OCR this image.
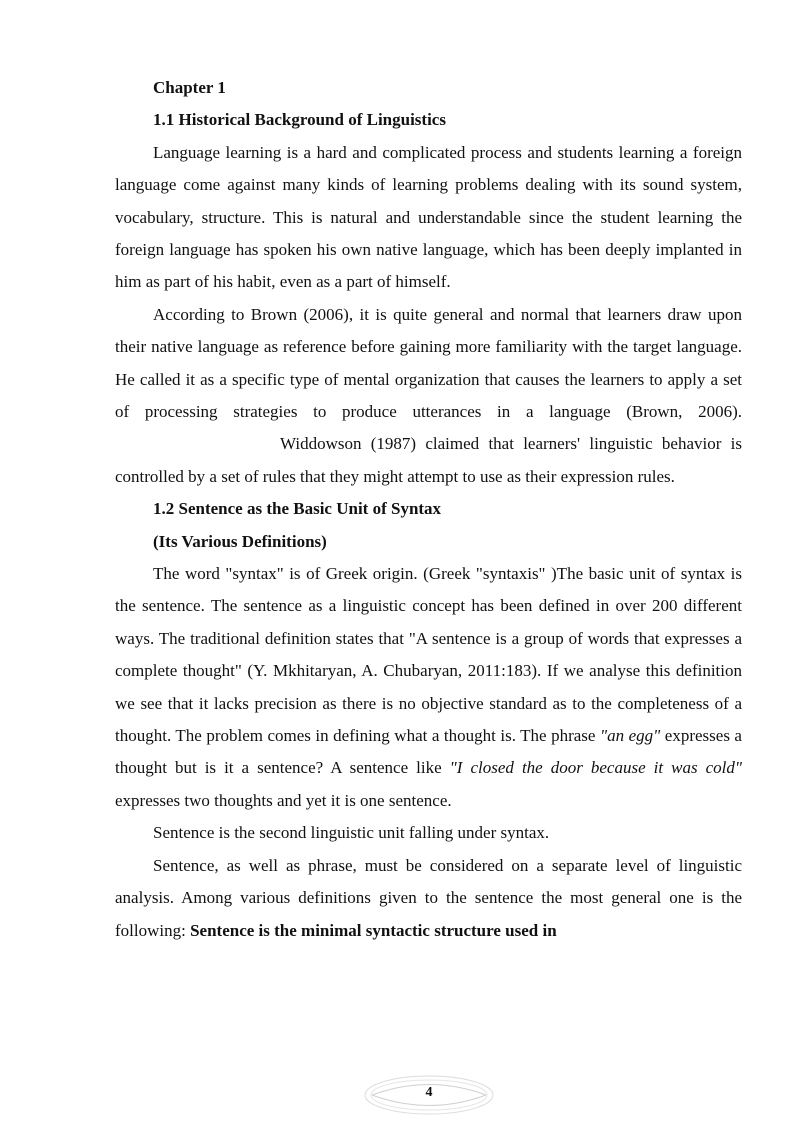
Chapter 1
1.1 Historical Background of Linguistics

Language learning is a hard and complicated process and students learning a foreign language come against many kinds of learning problems dealing with its sound system, vocabulary, structure. This is natural and understandable since the student learning the foreign language has spoken his own native language, which has been deeply implanted in him as part of his habit, even as a part of himself.

According to Brown (2006), it is quite general and normal that learners draw upon their native language as reference before gaining more familiarity with the target language. He called it as a specific type of mental organization that causes the learners to apply a set of processing strategies to produce utterances in a language (Brown, 2006).Widdowson (1987) claimed that learners' linguistic behavior is controlled by a set of rules that they might attempt to use as their expression rules.

1.2 Sentence as the Basic Unit of Syntax
(Its Various Definitions)

The word "syntax" is of Greek origin. (Greek "syntaxis" )The basic unit of syntax is the sentence. The sentence as a linguistic concept has been defined in over 200 different ways. The traditional definition states that "A sentence is a group of words that expresses a complete thought" (Y. Mkhitaryan, A. Chubaryan, 2011:183). If we analyse this definition we see that it lacks precision as there is no objective standard as to the completeness of a thought. The problem comes in defining what a thought is. The phrase "an egg" expresses a thought but is it a sentence? A sentence like "I closed the door because it was cold" expresses two thoughts and yet it is one sentence.

Sentence is the second linguistic unit falling under syntax.

Sentence, as well as phrase, must be considered on a separate level of linguistic analysis. Among various definitions given to the sentence the most general one is the following: Sentence is the minimal syntactic structure used in

4
